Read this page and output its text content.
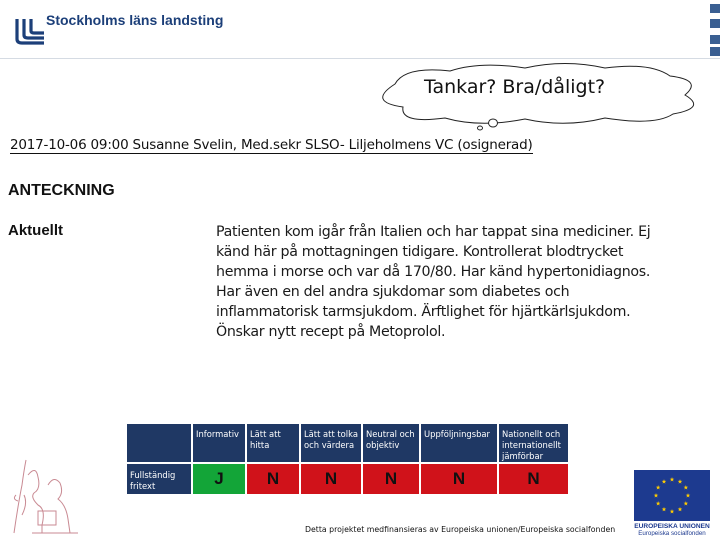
Stockholms läns landsting
Tankar? Bra/dåligt?
2017-10-06 09:00 Susanne Svelin, Med.sekr SLSO- Liljeholmens VC (osignerad)
ANTECKNING
Aktuellt	Patienten kom igår från Italien och har tappat sina mediciner. Ej
känd här på mottagningen tidigare. Kontrollerat blodtrycket
hemma i morse och var då 170/80. Har känd hypertonidiagnos.
Har även en del andra sjukdomar som diabetes och
inflammatorisk tarmsjukdom. Ärftlighet för hjärtkärlsjukdom.
Önskar nytt recept på Metoprolol.

	Informativ	Lätt att hitta	Lätt att tolka och värdera	Neutral och objektiv	Uppföljningsbar	Nationellt och internationellt jämförbar
Fullständig fritext	J	N	N	N	N	N
EUROPEISKA UNIONEN
Europeiska socialfonden
Detta projektet medfinansieras av Europeiska unionen/Europeiska socialfonden
